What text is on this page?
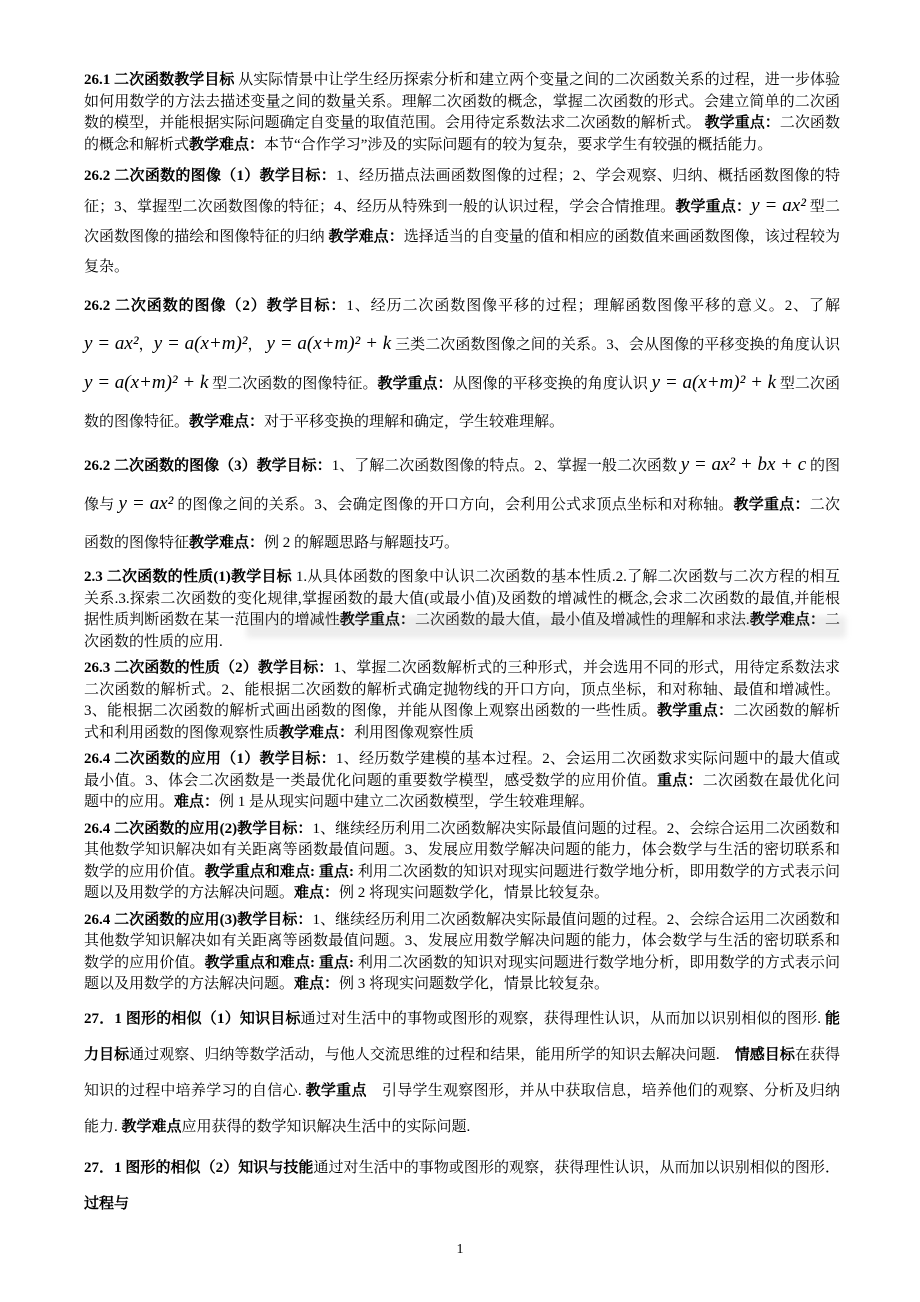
26.1 二次函数教学目标 从实际情景中让学生经历探索分析和建立两个变量之间的二次函数关系的过程，进一步体验如何用数学的方法去描述变量之间的数量关系。理解二次函数的概念，掌握二次函数的形式。会建立简单的二次函数的模型，并能根据实际问题确定自变量的取值范围。会用待定系数法求二次函数的解析式。 教学重点：二次函数的概念和解析式教学难点：本节“合作学习”涉及的实际问题有的较为复杂，要求学生有较强的概括能力。

26.2 二次函数的图像（1）教学目标：1、经历描点法画函数图像的过程；2、学会观察、归纳、概括函数图像的特征；3、掌握型二次函数图像的特征；4、经历从特殊到一般的认识过程，学会合情推理。教学重点：y = ax² 型二次函数图像的描绘和图像特征的归纳 教学难点：选择适当的自变量的值和相应的函数值来画函数图像，该过程较为复杂。

26.2 二次函数的图像（2）教学目标：1、经历二次函数图像平移的过程；理解函数图像平移的意义。2、了解 y = ax²，y = a(x+m)²， y = a(x+m)² + k 三类二次函数图像之间的关系。3、会从图像的平移变换的角度认识 y = a(x+m)² + k 型二次函数的图像特征。教学重点：从图像的平移变换的角度认识 y = a(x+m)² + k 型二次函数的图像特征。教学难点：对于平移变换的理解和确定，学生较难理解。

26.2 二次函数的图像（3）教学目标：1、了解二次函数图像的特点。2、掌握一般二次函数 y = ax² + bx + c 的图像与 y = ax² 的图像之间的关系。3、会确定图像的开口方向，会利用公式求顶点坐标和对称轴。教学重点：二次函数的图像特征教学难点：例 2 的解题思路与解题技巧。

2.3 二次函数的性质(1)教学目标 1.从具体函数的图象中认识二次函数的基本性质.2.了解二次函数与二次方程的相互关系.3.探索二次函数的变化规律,掌握函数的最大值(或最小值)及函数的增减性的概念,会求二次函数的最值,并能根据性质判断函数在某一范围内的增减性教学重点：二次函数的最大值，最小值及增减性的理解和求法.教学难点：二次函数的性质的应用.

26.3 二次函数的性质（2）教学目标：1、掌握二次函数解析式的三种形式，并会选用不同的形式，用待定系数法求二次函数的解析式。2、能根据二次函数的解析式确定抛物线的开口方向，顶点坐标，和对称轴、最值和增减性。3、能根据二次函数的解析式画出函数的图像，并能从图像上观察出函数的一些性质。教学重点：二次函数的解析式和利用函数的图像观察性质教学难点：利用图像观察性质

26.4 二次函数的应用（1）教学目标：1、经历数学建模的基本过程。2、会运用二次函数求实际问题中的最大值或最小值。3、体会二次函数是一类最优化问题的重要数学模型，感受数学的应用价值。重点：二次函数在最优化问题中的应用。难点：例 1 是从现实问题中建立二次函数模型，学生较难理解。

26.4 二次函数的应用(2)教学目标：1、继续经历利用二次函数解决实际最值问题的过程。2、会综合运用二次函数和其他数学知识解决如有关距离等函数最值问题。3、发展应用数学解决问题的能力，体会数学与生活的密切联系和数学的应用价值。教学重点和难点: 重点: 利用二次函数的知识对现实问题进行数学地分析，即用数学的方式表示问题以及用数学的方法解决问题。难点：例 2 将现实问题数学化，情景比较复杂。

26.4 二次函数的应用(3)教学目标：1、继续经历利用二次函数解决实际最值问题的过程。2、会综合运用二次函数和其他数学知识解决如有关距离等函数最值问题。3、发展应用数学解决问题的能力，体会数学与生活的密切联系和数学的应用价值。教学重点和难点: 重点: 利用二次函数的知识对现实问题进行数学地分析，即用数学的方式表示问题以及用数学的方法解决问题。难点：例 3 将现实问题数学化，情景比较复杂。

27．1 图形的相似（1）知识目标通过对生活中的事物或图形的观察，获得理性认识，从而加以识别相似的图形. 能力目标通过观察、归纳等数学活动，与他人交流思维的过程和结果，能用所学的知识去解决问题.　情感目标在获得知识的过程中培养学习的自信心. 教学重点　引导学生观察图形，并从中获取信息，培养他们的观察、分析及归纳能力. 教学难点应用获得的数学知识解决生活中的实际问题.

27．1 图形的相似（2）知识与技能通过对生活中的事物或图形的观察，获得理性认识，从而加以识别相似的图形．过程与

1
